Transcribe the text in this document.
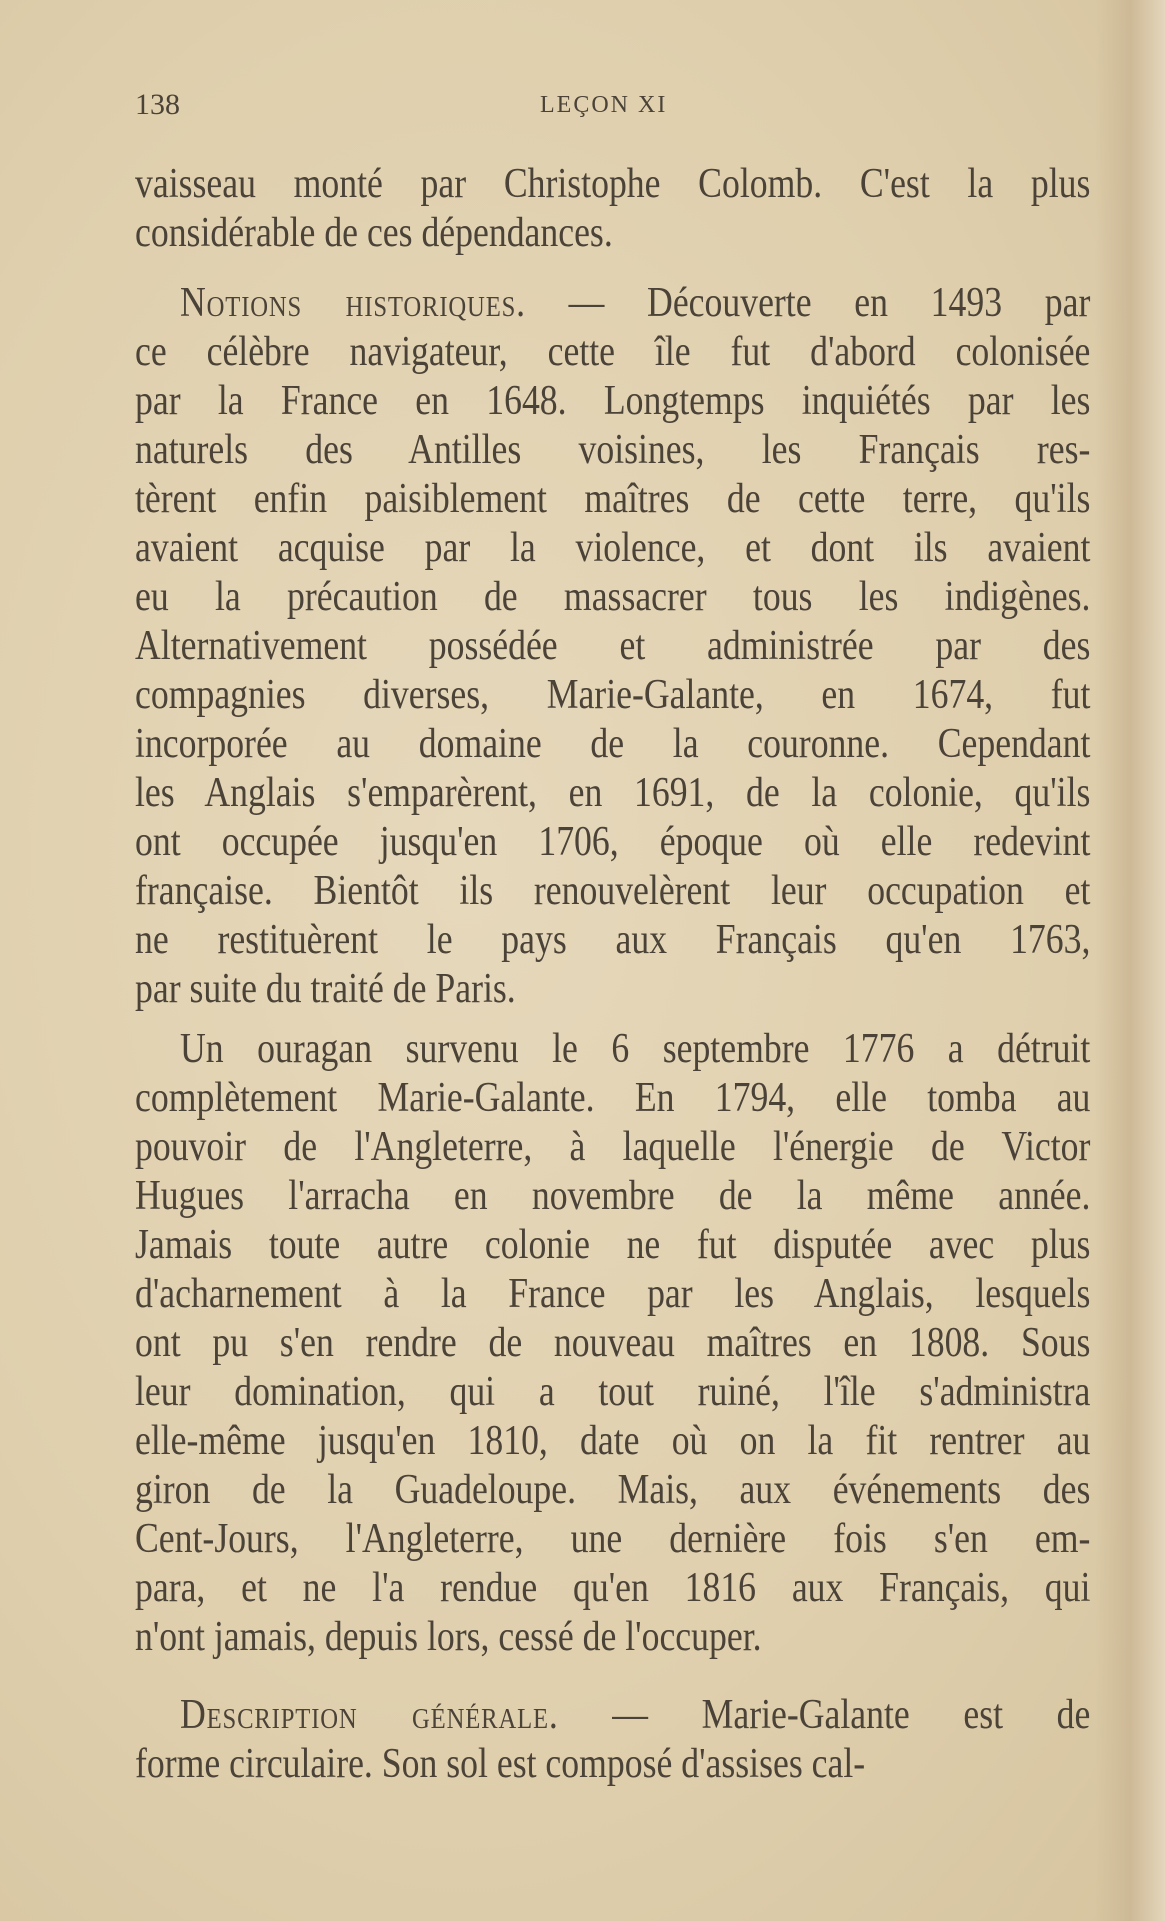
138	LEÇON XI
vaisseau monté par Christophe Colomb. C'est la plus
considérable de ces dépendances.
Notions historiques. — Découverte en 1493 par
ce célèbre navigateur, cette île fut d'abord colonisée
par la France en 1648. Longtemps inquiétés par les
naturels des Antilles voisines, les Français res-
tèrent enfin paisiblement maîtres de cette terre, qu'ils
avaient acquise par la violence, et dont ils avaient
eu la précaution de massacrer tous les indigènes.
Alternativement possédée et administrée par des
compagnies diverses, Marie-Galante, en 1674, fut
incorporée au domaine de la couronne. Cependant
les Anglais s'emparèrent, en 1691, de la colonie, qu'ils
ont occupée jusqu'en 1706, époque où elle redevint
française. Bientôt ils renouvelèrent leur occupation et
ne restituèrent le pays aux Français qu'en 1763,
par suite du traité de Paris.
Un ouragan survenu le 6 septembre 1776 a détruit
complètement Marie-Galante. En 1794, elle tomba au
pouvoir de l'Angleterre, à laquelle l'énergie de Victor
Hugues l'arracha en novembre de la même année.
Jamais toute autre colonie ne fut disputée avec plus
d'acharnement à la France par les Anglais, lesquels
ont pu s'en rendre de nouveau maîtres en 1808. Sous
leur domination, qui a tout ruiné, l'île s'administra
elle-même jusqu'en 1810, date où on la fit rentrer au
giron de la Guadeloupe. Mais, aux événements des
Cent-Jours, l'Angleterre, une dernière fois s'en em-
para, et ne l'a rendue qu'en 1816 aux Français, qui
n'ont jamais, depuis lors, cessé de l'occuper.
Description générale. — Marie-Galante est de
forme circulaire. Son sol est composé d'assises cal-
